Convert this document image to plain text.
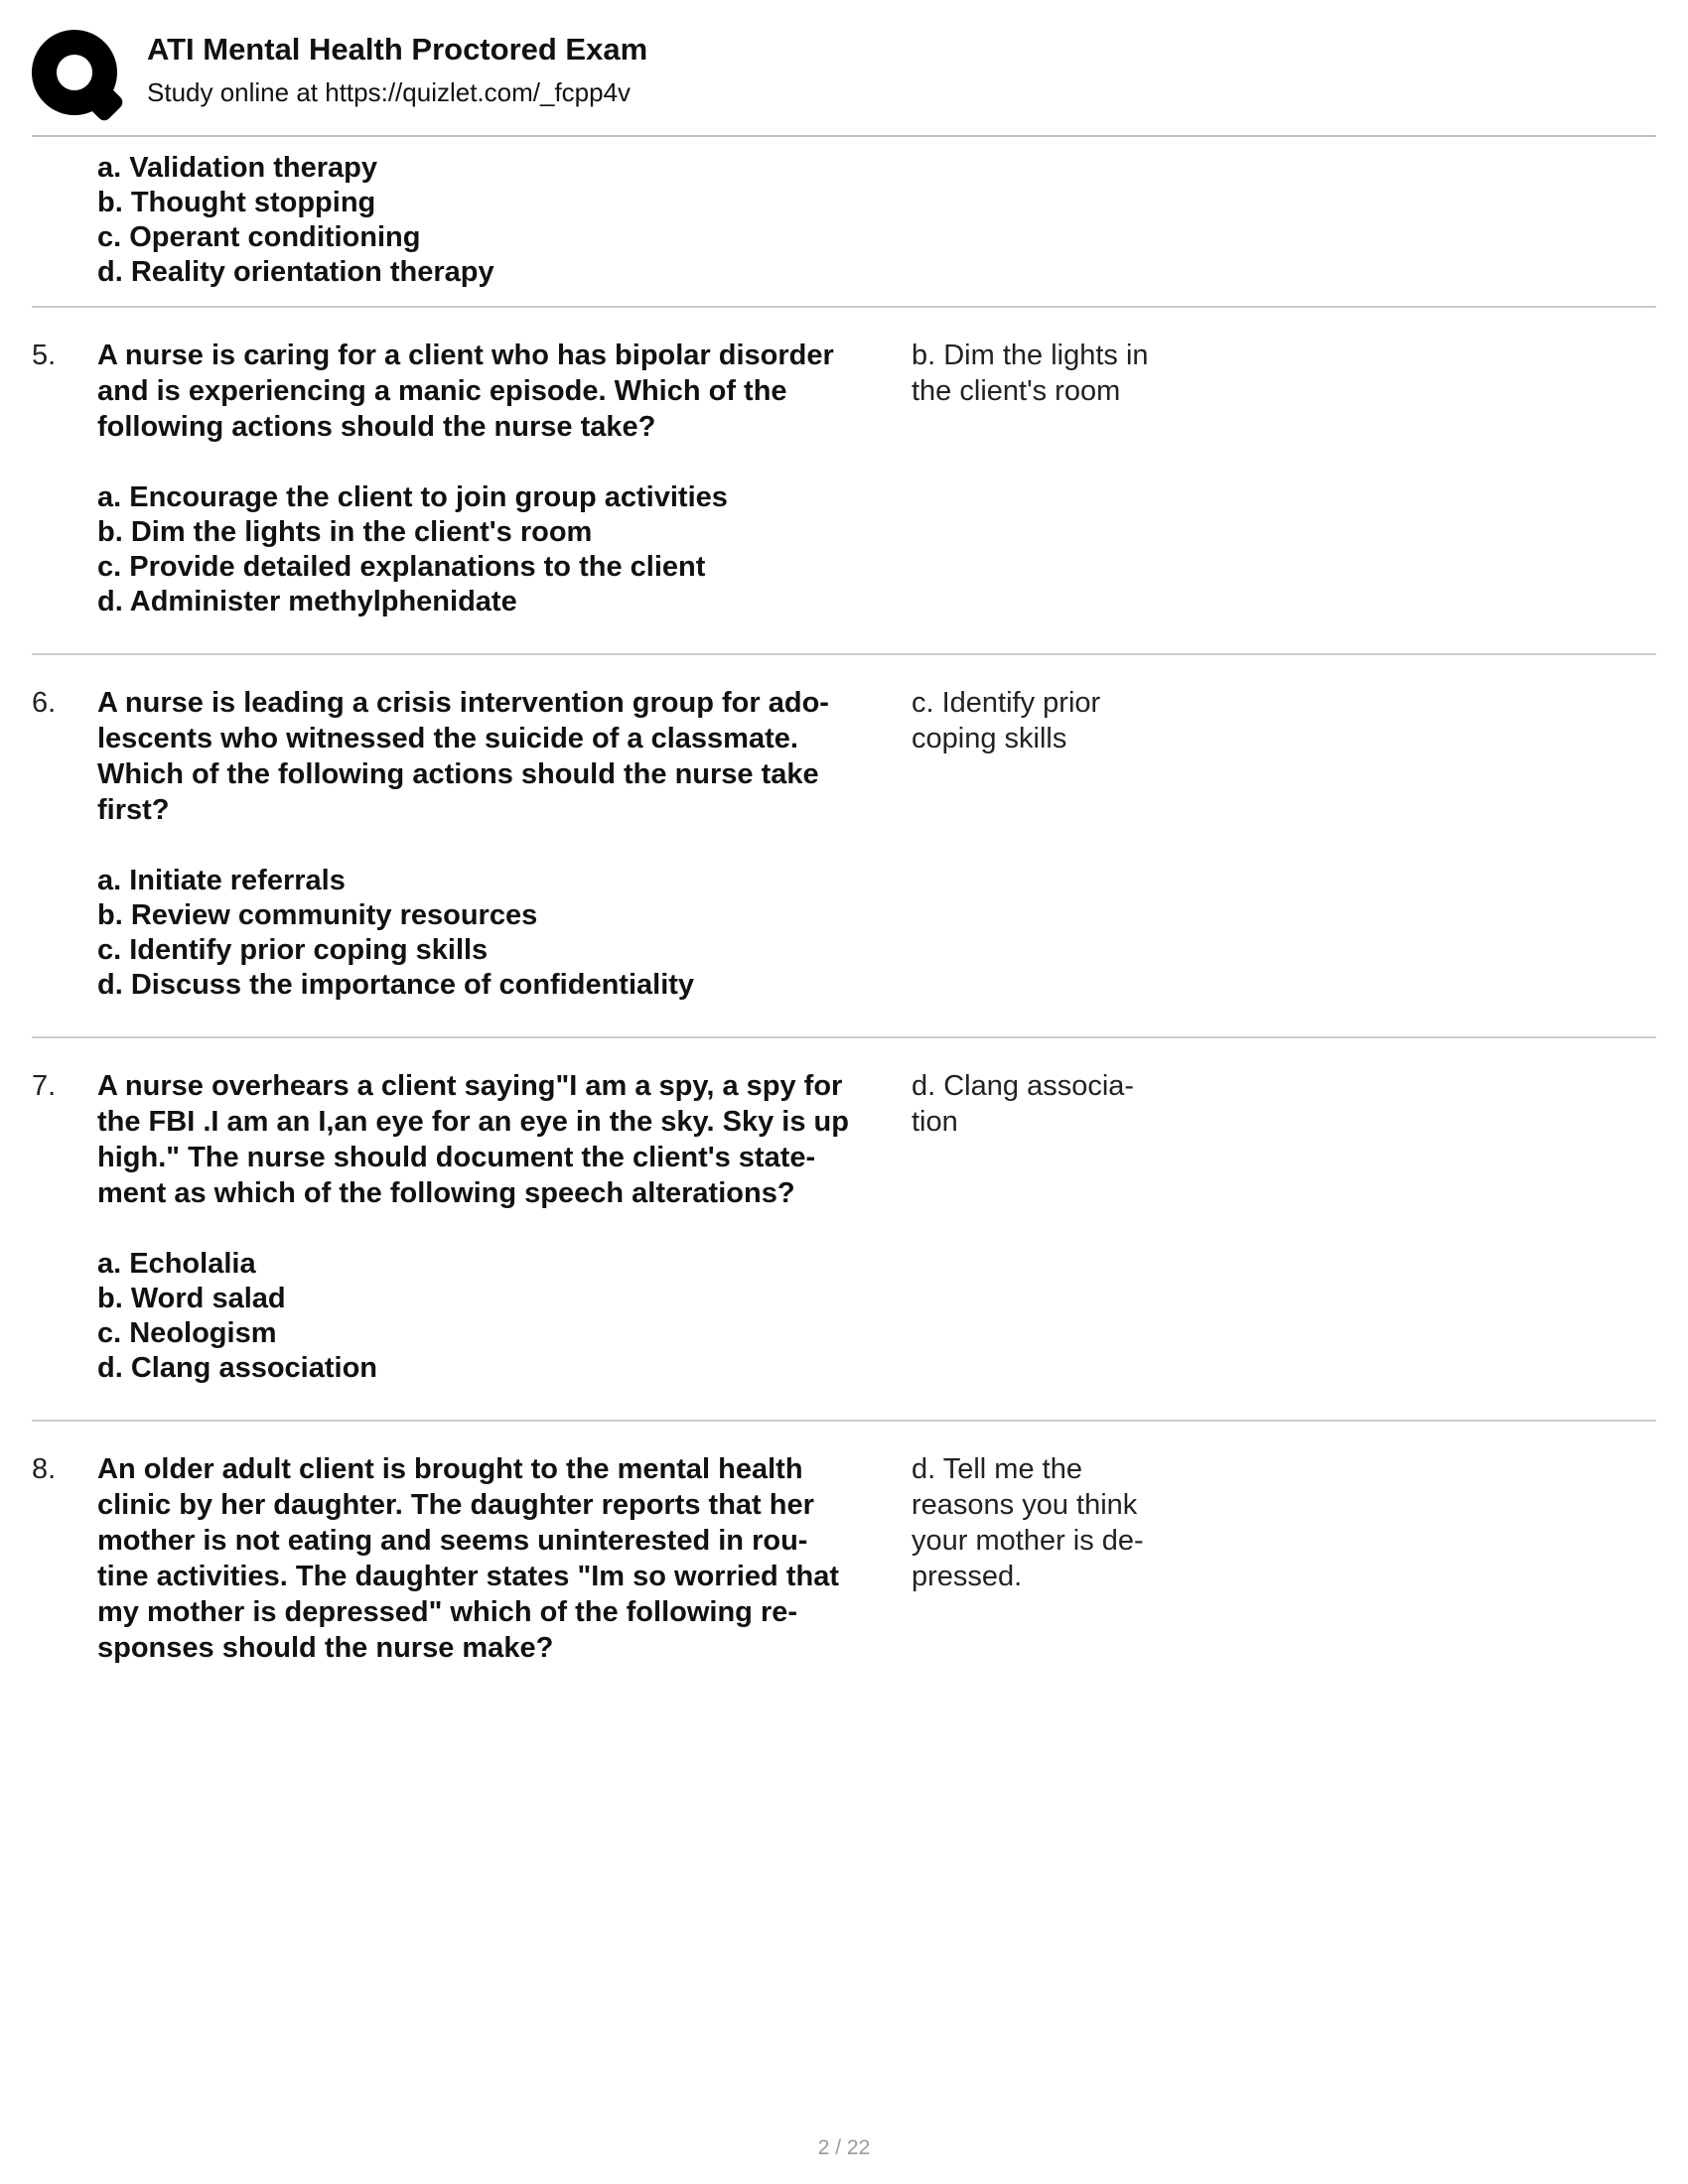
ATI Mental Health Proctored Exam
Study online at https://quizlet.com/_fcpp4v
a. Validation therapy
b. Thought stopping
c. Operant conditioning
d. Reality orientation therapy
5.	A nurse is caring for a client who has bipolar disorder
and is experiencing a manic episode. Which of the
following actions should the nurse take?

a. Encourage the client to join group activities
b. Dim the lights in the client's room
c. Provide detailed explanations to the client
d. Administer methylphenidate
b. Dim the lights in
the client's room
6.	A nurse is leading a crisis intervention group for ado-
lescents who witnessed the suicide of a classmate.
Which of the following actions should the nurse take
first?

a. Initiate referrals
b. Review community resources
c. Identify prior coping skills
d. Discuss the importance of confidentiality
c. Identify prior
coping skills
7.	A nurse overhears a client saying"I am a spy, a spy for
the FBI .I am an I,an eye for an eye in the sky. Sky is up
high." The nurse should document the client's state-
ment as which of the following speech alterations?

a. Echolalia
b. Word salad
c. Neologism
d. Clang association
d. Clang associa-
tion
8.	An older adult client is brought to the mental health
clinic by her daughter. The daughter reports that her
mother is not eating and seems uninterested in rou-
tine activities. The daughter states "Im so worried that
my mother is depressed" which of the following re-
sponses should the nurse make?

d. Tell me the
reasons you think
your mother is de-
pressed.
2 / 22
